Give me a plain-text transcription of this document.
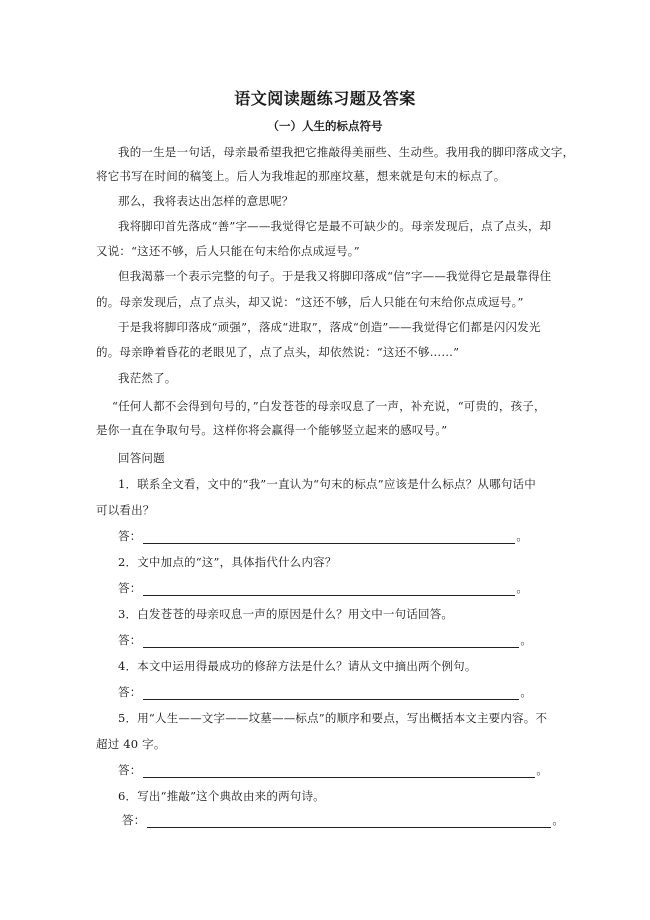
语文阅读题练习题及答案
（一）人生的标点符号
我的一生是一句话，母亲最希望我把它推敲得美丽些、生动些。我用我的脚印落成文字，
将它书写在时间的稿笺上。后人为我堆起的那座坟墓，想来就是句末的标点了。
那么，我将表达出怎样的意思呢？
我将脚印首先落成“善”字——我觉得它是最不可缺少的。母亲发现后，点了点头，却
又说：“这还不够，后人只能在句末给你点成逗号。”
但我渴慕一个表示完整的句子。于是我又将脚印落成“信”字——我觉得它是最靠得住
的。母亲发现后，点了点头，却又说：“这还不够，后人只能在句末给你点成逗号。”
于是我将脚印落成“顽强”，落成“进取”，落成“创造”——我觉得它们都是闪闪发光
的。母亲睁着昏花的老眼见了，点了点头，却依然说：“这还不够……”
我茫然了。
“任何人都不会得到句号的，”白发苍苍的母亲叹息了一声，补充说，“可贵的，孩子，
是你一直在争取句号。这样你将会赢得一个能够竖立起来的感叹号。”
回答问题
1．联系全文看，文中的“我”一直认为“句末的标点”应该是什么标点？从哪句话中
可以看出？
答：	。
2．文中加点的“这”，具体指代什么内容？
答：	。
3．白发苍苍的母亲叹息一声的原因是什么？用文中一句话回答。
答：	。
4．本文中运用得最成功的修辞方法是什么？请从文中摘出两个例句。
答：	。
5．用“人生——文字——坟墓——标点”的顺序和要点，写出概括本文主要内容。不
超过 40 字。
答：	。
6．写出“推敲”这个典故由来的两句诗。
答：	。
